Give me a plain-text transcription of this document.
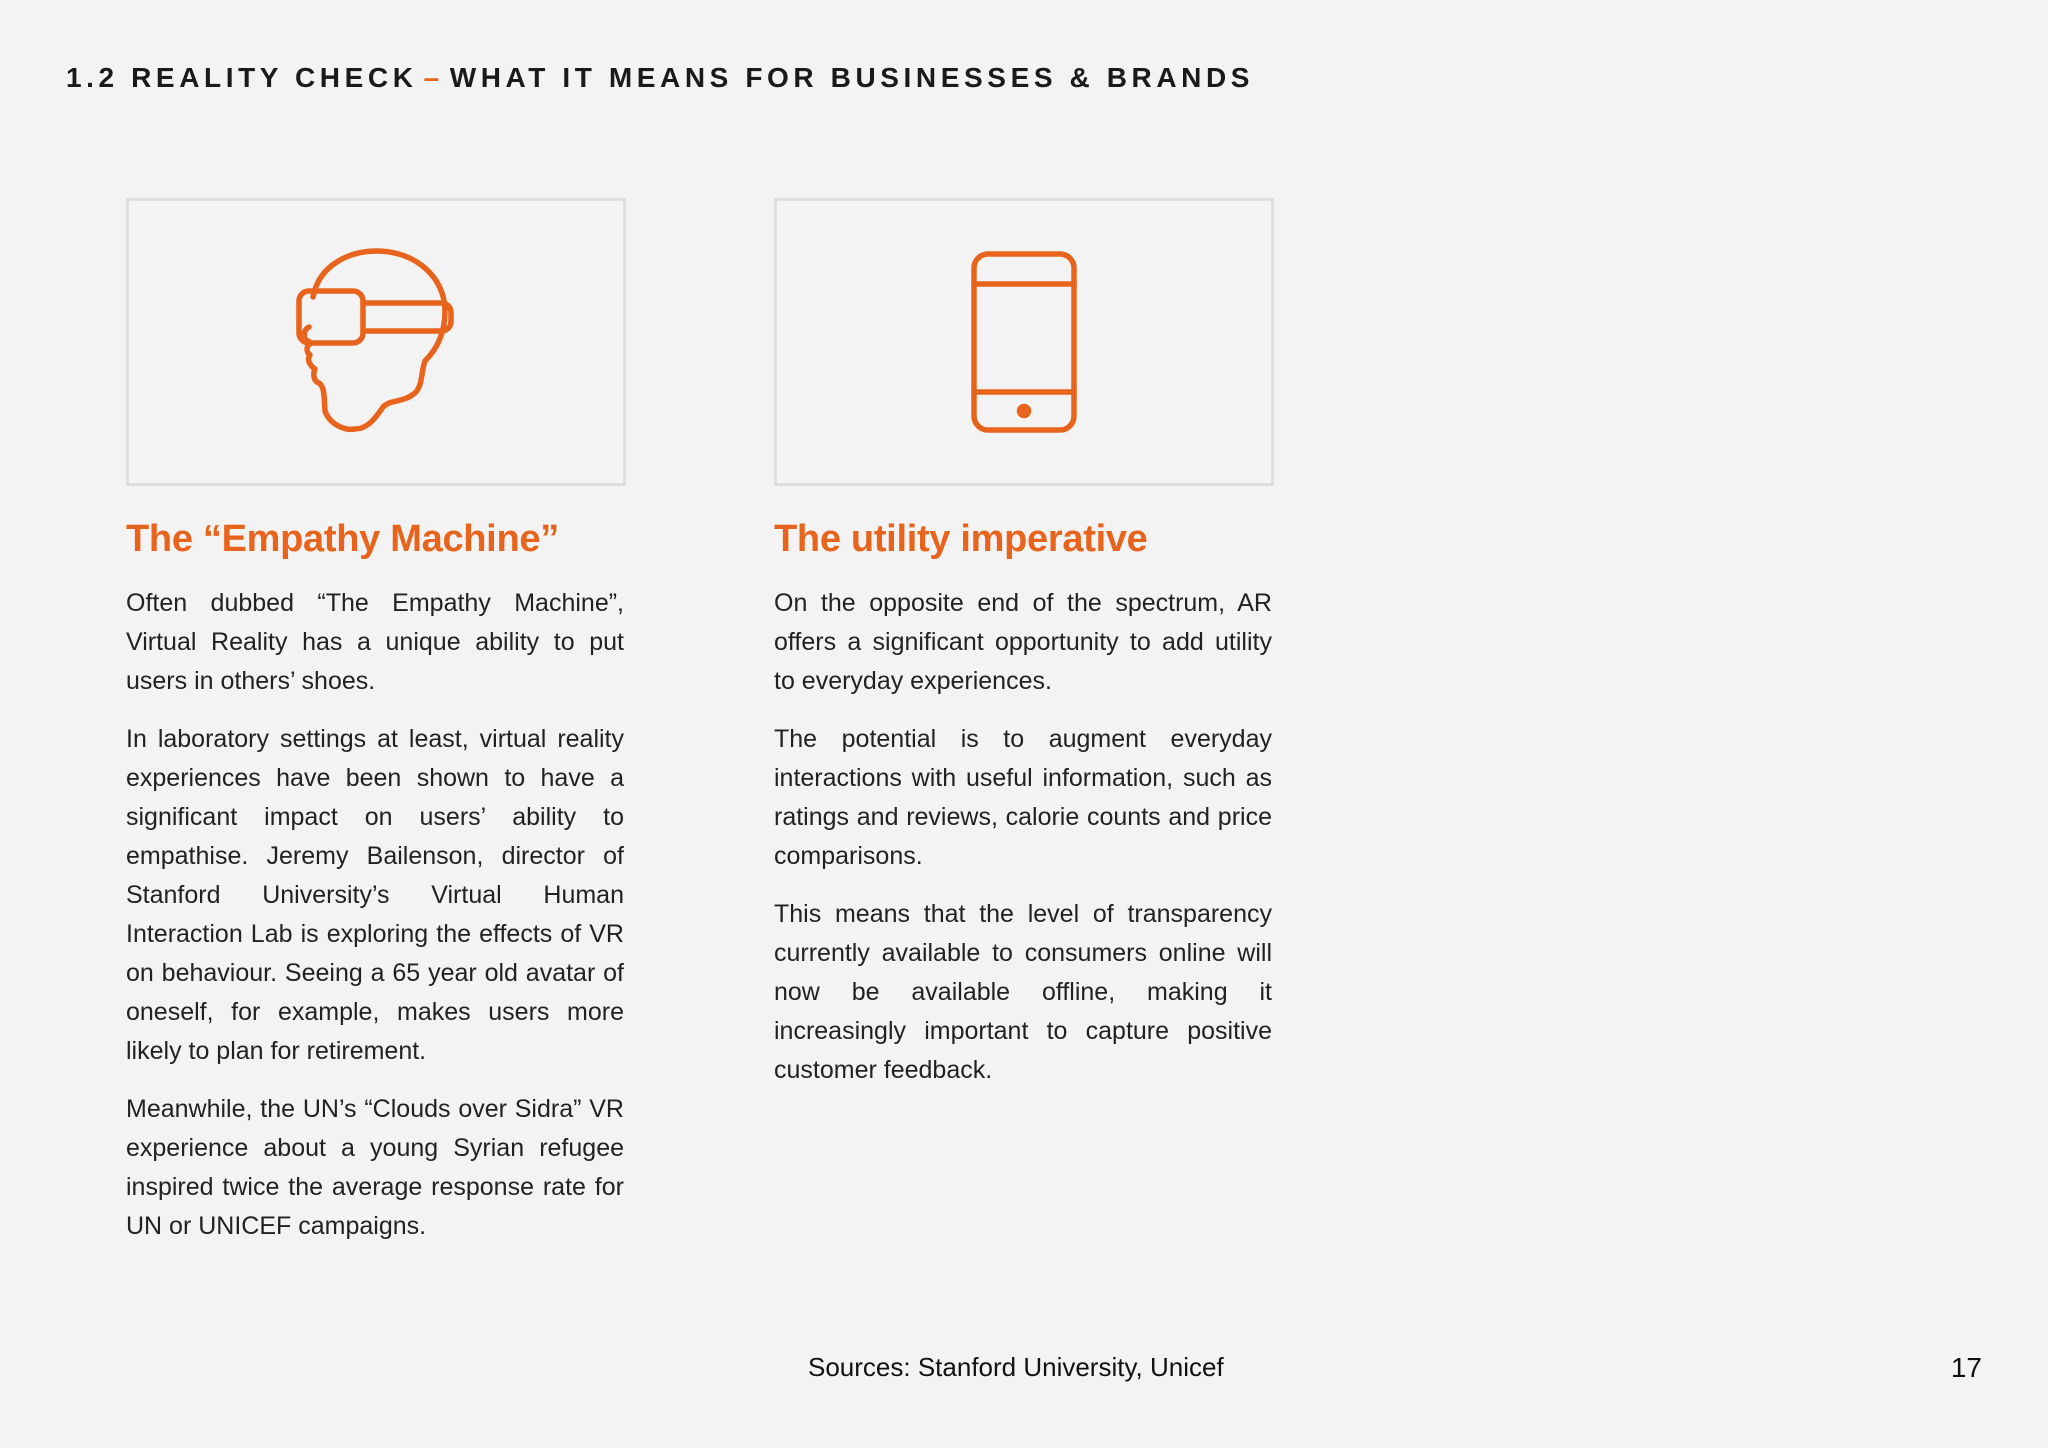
1.2 REALITY CHECK – WHAT IT MEANS FOR BUSINESSES & BRANDS
The “Empathy Machine”

Often dubbed “The Empathy Machine”, Virtual Reality has a unique ability to put users in others’ shoes.

In laboratory settings at least, virtual reality experiences have been shown to have a significant impact on users’ ability to empathise. Jeremy Bailenson, director of Stanford University’s Virtual Human Interaction Lab is exploring the effects of VR on behaviour. Seeing a 65 year old avatar of oneself, for example, makes users more likely to plan for retirement.

Meanwhile, the UN’s “Clouds over Sidra” VR experience about a young Syrian refugee inspired twice the average response rate for UN or UNICEF campaigns.

The utility imperative

On the opposite end of the spectrum, AR offers a significant opportunity to add utility to everyday experiences.

The potential is to augment everyday interactions with useful information, such as ratings and reviews, calorie counts and price comparisons.

This means that the level of transparency currently available to consumers online will now be available offline, making it increasingly important to capture positive customer feedback.

Sources: Stanford University, Unicef	17
